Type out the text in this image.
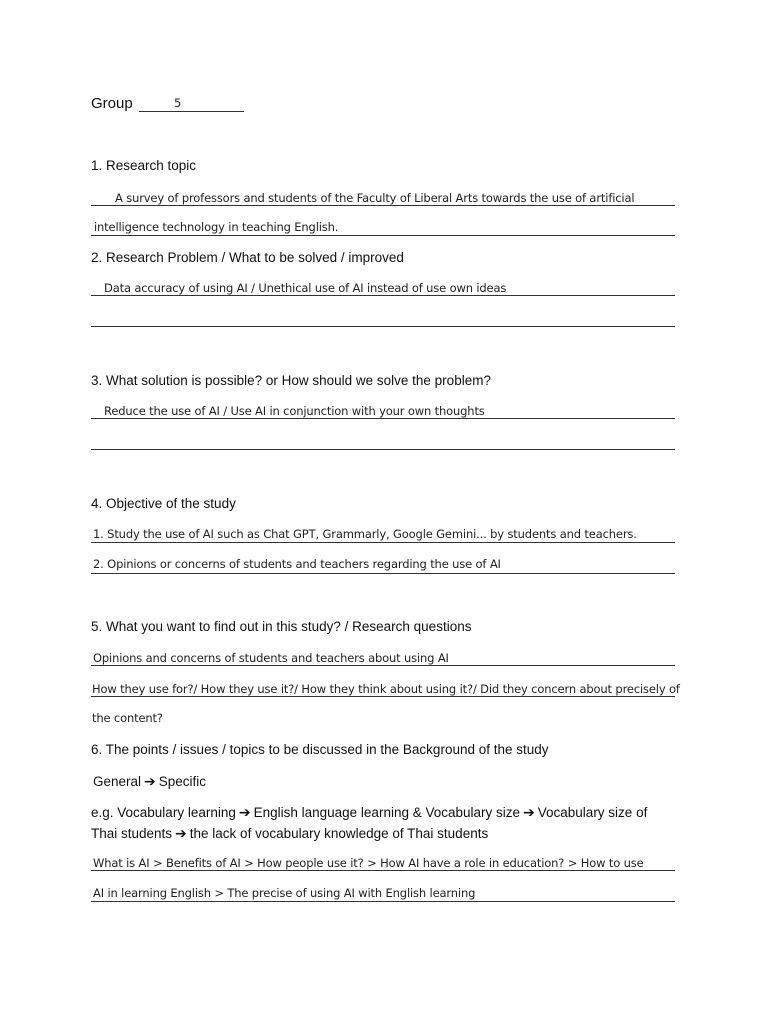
Group	5
1. Research topic
A survey of professors and students of the Faculty of Liberal Arts towards the use of artificial
intelligence technology in teaching English.
2. Research Problem / What to be solved / improved
Data accuracy of using AI / Unethical use of AI instead of use own ideas
3. What solution is possible? or How should we solve the problem?
Reduce the use of AI / Use AI in conjunction with your own thoughts
4. Objective of the study
1. Study the use of AI such as Chat GPT, Grammarly, Google Gemini... by students and teachers.
2. Opinions or concerns of students and teachers regarding the use of AI
5. What you want to find out in this study? / Research questions
Opinions and concerns of students and teachers about using AI
How they use for?/ How they use it?/ How they think about using it?/ Did they concern about precisely of
the content?
6. The points / issues / topics to be discussed in the Background of the study
General ➔ Specific
e.g. Vocabulary learning ➔ English language learning & Vocabulary size ➔ Vocabulary size of
Thai students ➔ the lack of vocabulary knowledge of Thai students
What is AI > Benefits of AI > How people use it? > How AI have a role in education? > How to use
AI in learning English > The precise of using AI with English learning
